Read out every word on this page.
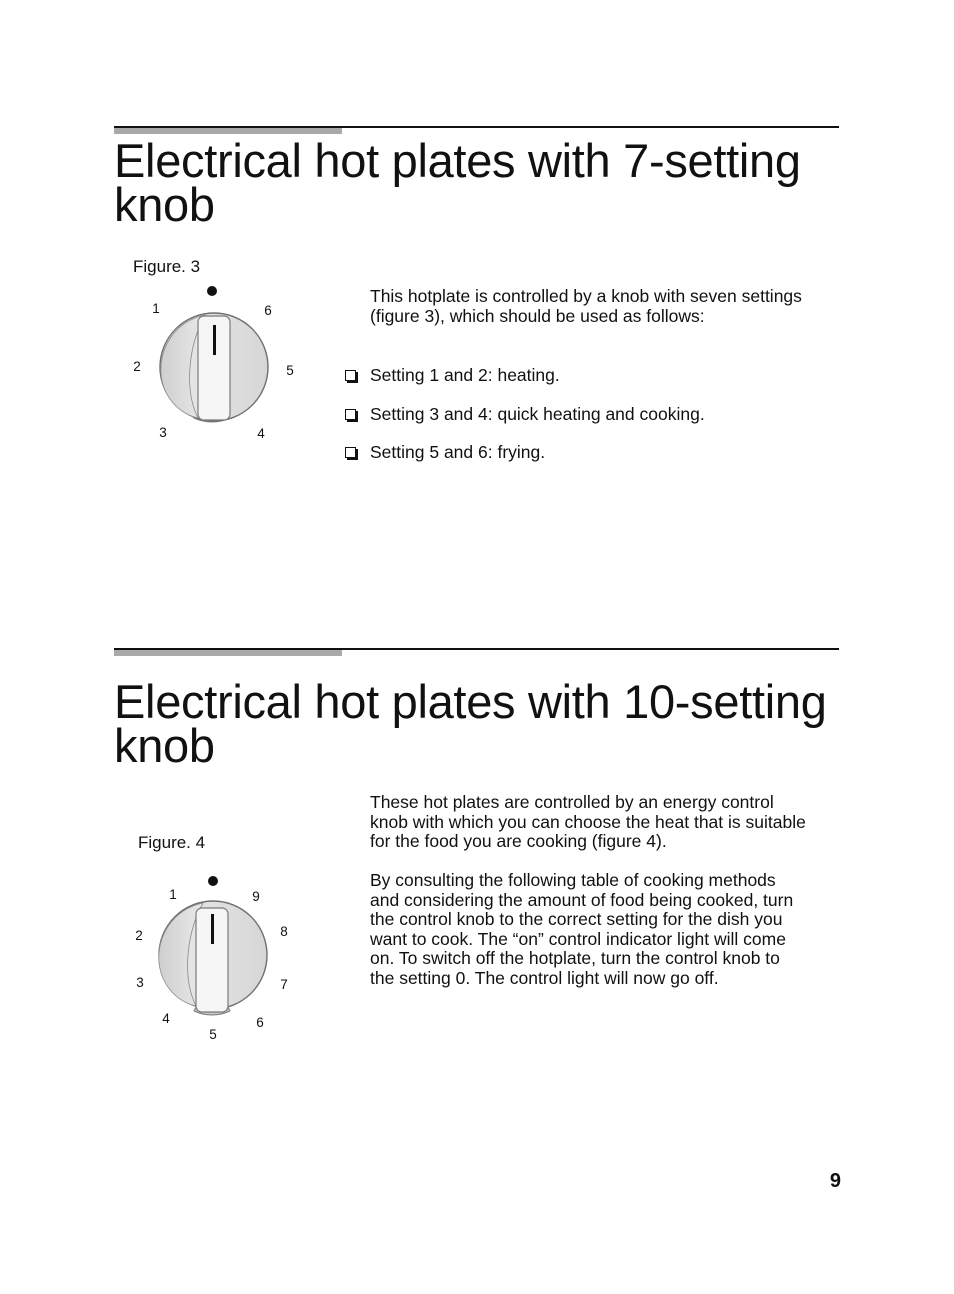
Electrical hot plates with 7-setting
knob
Figure. 3
1
2
3	4
5
6

This hotplate is controlled by a knob with seven settings
(figure 3), which should be used as follows:

Setting 1 and 2: heating.
Setting 3 and 4: quick heating and cooking.
Setting 5 and 6: frying.
Electrical hot plates with 10-setting
knob
Figure. 4
1
2
3
4
5
6
7
8
9

These hot plates are controlled by an energy control
knob with which you can choose the heat that is suitable
for the food you are cooking (figure 4).

By consulting the following table of cooking methods
and considering the amount of food being cooked, turn
the control knob to the correct setting for the dish you
want to cook. The “on” control indicator light will come
on. To switch off the hotplate, turn the control knob to
the setting 0. The control light will now go off.

9
